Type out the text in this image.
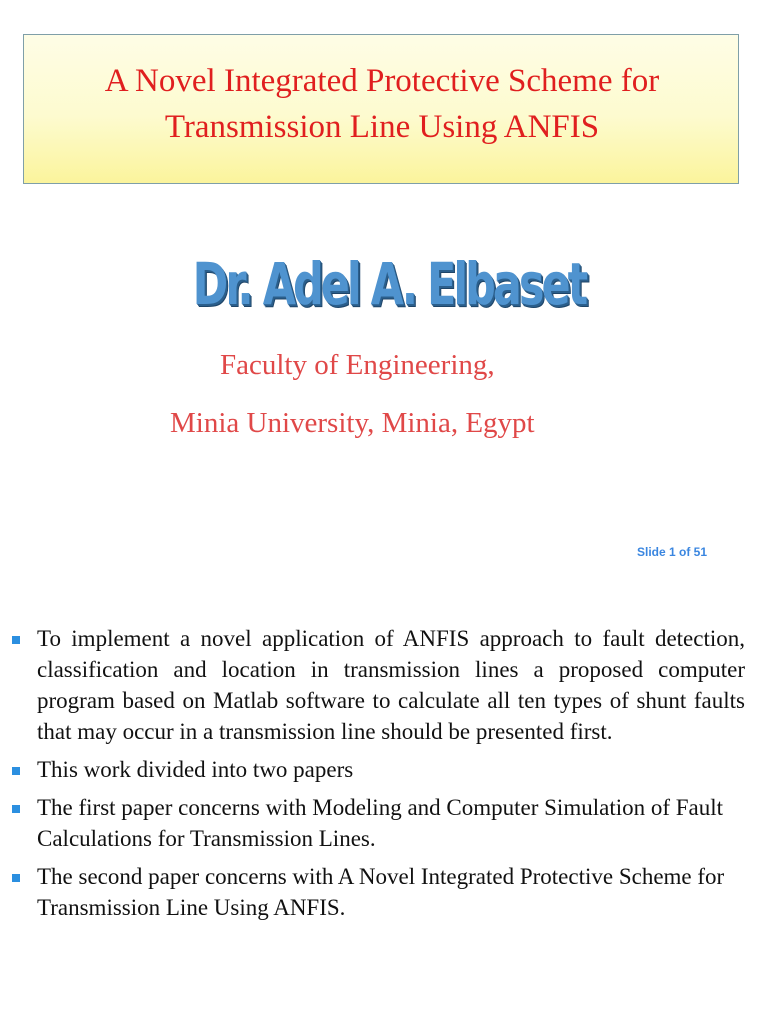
A Novel Integrated Protective Scheme for
Transmission Line Using ANFIS
Dr. Adel A. Elbaset
Faculty of Engineering,
Minia University, Minia, Egypt
Slide 1 of 51
To implement a novel application of ANFIS approach to fault detection, classification and location in transmission lines a proposed computer program based on Matlab software to calculate all ten types of shunt faults that may occur in a transmission line should be presented first.
This work divided into two papers
The first paper concerns with Modeling and Computer Simulation of Fault Calculations for Transmission Lines.
The second paper concerns with A Novel Integrated Protective Scheme for Transmission Line Using ANFIS.
